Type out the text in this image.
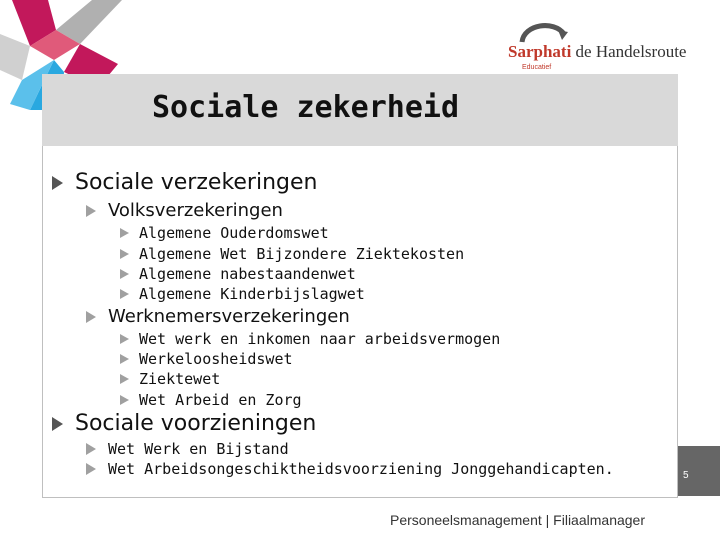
Sarphati de Handelsroute
Educatief
Sociale zekerheid
Sociale verzekeringen
Volksverzekeringen
Algemene Ouderdomswet
Algemene Wet Bijzondere Ziektekosten
Algemene nabestaandenwet
Algemene Kinderbijslagwet
Werknemersverzekeringen
Wet werk en inkomen naar arbeidsvermogen
Werkeloosheidswet
Ziektewet
Wet Arbeid en Zorg
Sociale voorzieningen
Wet Werk en Bijstand
Wet Arbeidsongeschiktheidsvoorziening Jonggehandicapten.	5
Personeelsmanagement | Filiaalmanager
